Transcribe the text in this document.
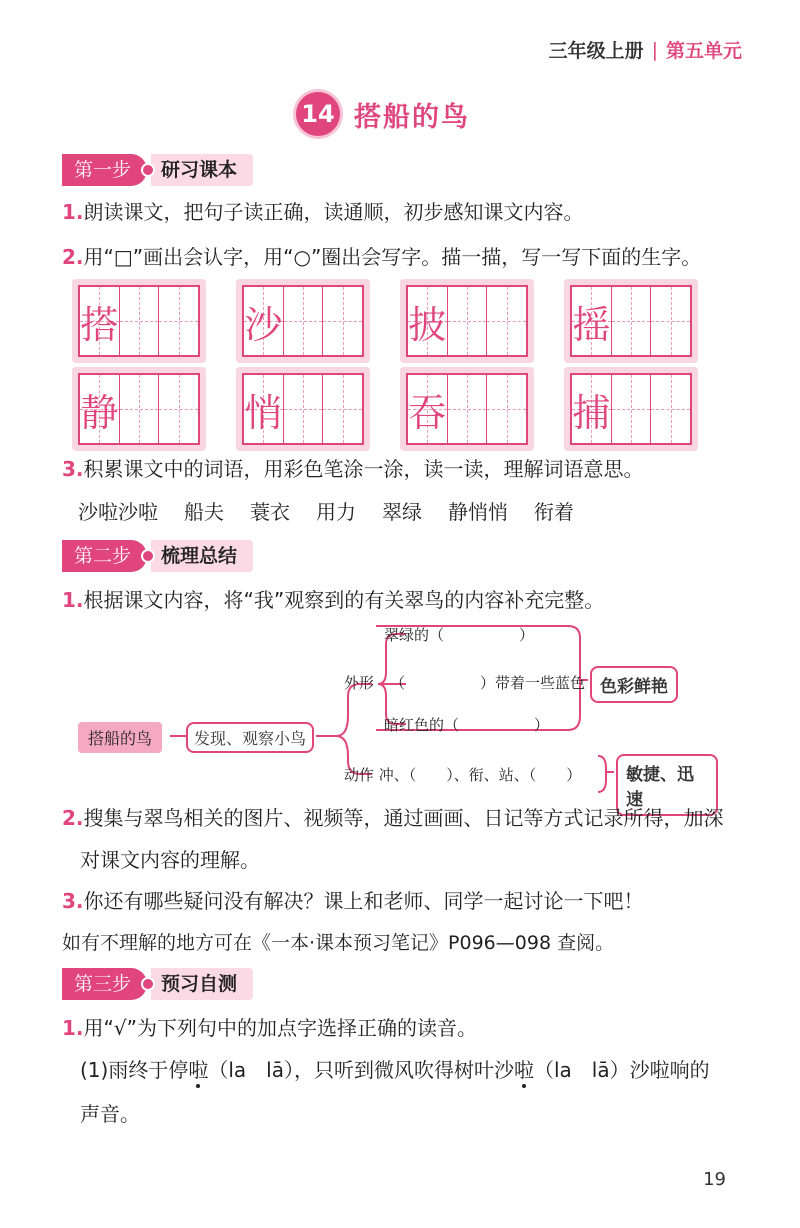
三年级上册 | 第五单元
14 搭船的鸟
第一步	研习课本
1.朗读课文，把句子读正确，读通顺，初步感知课文内容。
2.用“□”画出会认字，用“○”圈出会写字。描一描，写一写下面的生字。
搭	沙	披	摇
静	悄	吞	捕
3.积累课文中的词语，用彩色笔涂一涂，读一读，理解词语意思。
沙啦沙啦 船夫 蓑衣 用力 翠绿 静悄悄 衔着
第二步	梳理总结
1.根据课文内容，将“我”观察到的有关翠鸟的内容补充完整。
搭船的鸟	发现、观察小鸟
外形
翠绿的（　　　　　）
（　　　　　）带着一些蓝色
暗红色的（　　　　　）
色彩鲜艳
动作 冲、（　　）、衔、站、（　　）	敏捷、迅速
2.搜集与翠鸟相关的图片、视频等，通过画画、日记等方式记录所得，加深
对课文内容的理解。
3.你还有哪些疑问没有解决？课上和老师、同学一起讨论一下吧！
如有不理解的地方可在《一本·课本预习笔记》P096—098 查阅。
第三步	预习自测
1.用“√”为下列句中的加点字选择正确的读音。
(1)雨终于停啦（la　lā），只听到微风吹得树叶沙啦（la　lā）沙啦响的
声音。
19
